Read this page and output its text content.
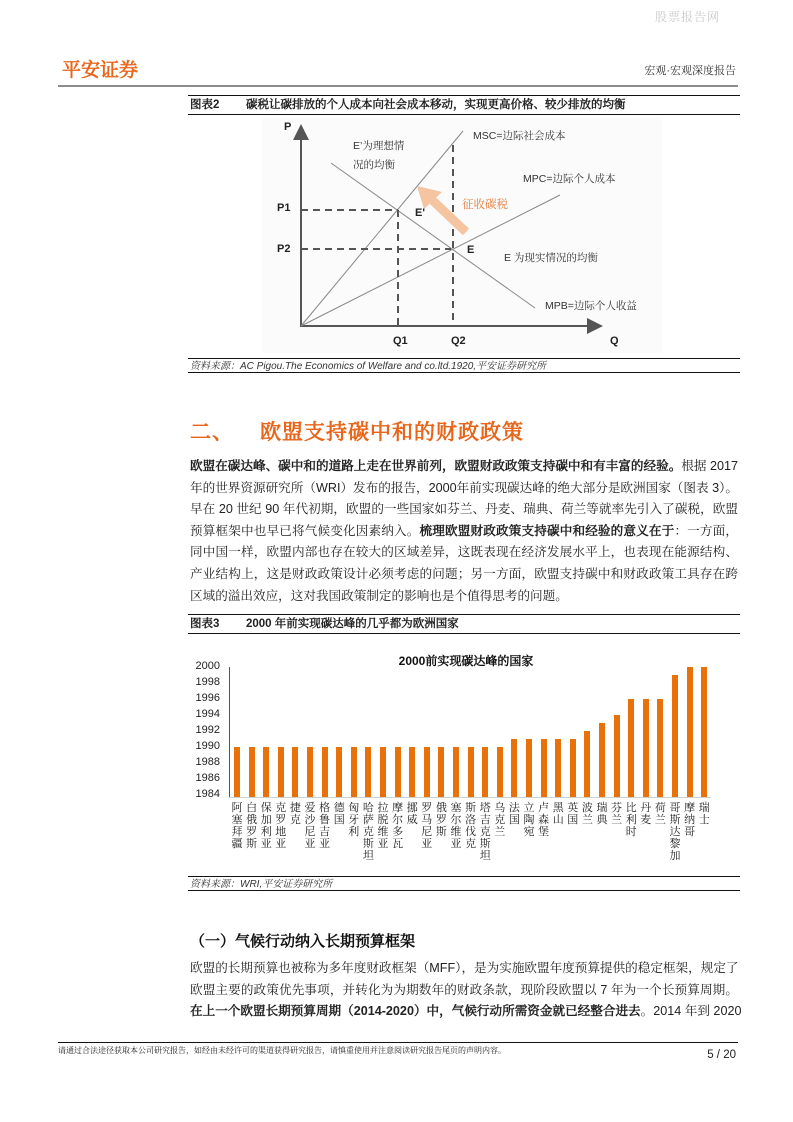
股票报告网
平安证券	宏观·宏观深度报告
图表2 碳税让碳排放的个人成本向社会成本移动，实现更高价格、较少排放的均衡
P
P1
P2
Q1	Q2	Q
E'
E
E’为理想情
况的均衡
MSC=边际社会成本
MPC=边际个人成本
征收碳税
E 为现实情况的均衡
MPB=边际个人收益
资料来源：AC Pigou.The Economics of Welfare and co.ltd.1920,平安证券研究所
二、 欧盟支持碳中和的财政政策
欧盟在碳达峰、碳中和的道路上走在世界前列，欧盟财政政策支持碳中和有丰富的经验。根据 2017
年的世界资源研究所（WRI）发布的报告，2000年前实现碳达峰的绝大部分是欧洲国家（图表 3）。
早在 20 世纪 90 年代初期，欧盟的一些国家如芬兰、丹麦、瑞典、荷兰等就率先引入了碳税，欧盟
预算框架中也早已将气候变化因素纳入。梳理欧盟财政政策支持碳中和经验的意义在于：一方面，
同中国一样，欧盟内部也存在较大的区域差异，这既表现在经济发展水平上，也表现在能源结构、
产业结构上，这是财政政策设计必须考虑的问题；另一方面，欧盟支持碳中和财政政策工具存在跨
区域的溢出效应，这对我国政策制定的影响也是个值得思考的问题。
图表3 2000 年前实现碳达峰的几乎都为欧洲国家
2000前实现碳达峰的国家
2000
1998
1996
1994
1992
1990
1988
1986
1984
阿塞拜疆
白俄罗斯
保加利亚
克罗地亚
捷克
爱沙尼亚
格鲁吉亚
德国
匈牙利
哈萨克斯坦
拉脱维亚
摩尔多瓦
挪威
罗马尼亚
俄罗斯
塞尔维亚
斯洛伐克
塔吉克斯坦
乌克兰
法国
立陶宛
卢森堡
黑山
英国
波兰
瑞典
芬兰
比利时
丹麦
荷兰
哥斯达黎加
摩纳哥
瑞士
资料来源：WRI,平安证券研究所
（一）气候行动纳入长期预算框架
欧盟的长期预算也被称为多年度财政框架（MFF），是为实施欧盟年度预算提供的稳定框架，规定了
欧盟主要的政策优先事项，并转化为为期数年的财政条款，现阶段欧盟以 7 年为一个长预算周期。
在上一个欧盟长期预算周期（2014-2020）中，气候行动所需资金就已经整合进去。2014 年到 2020
请通过合法途径获取本公司研究报告，如经由未经许可的渠道获得研究报告，请慎重使用并注意阅读研究报告尾页的声明内容。	5 / 20
